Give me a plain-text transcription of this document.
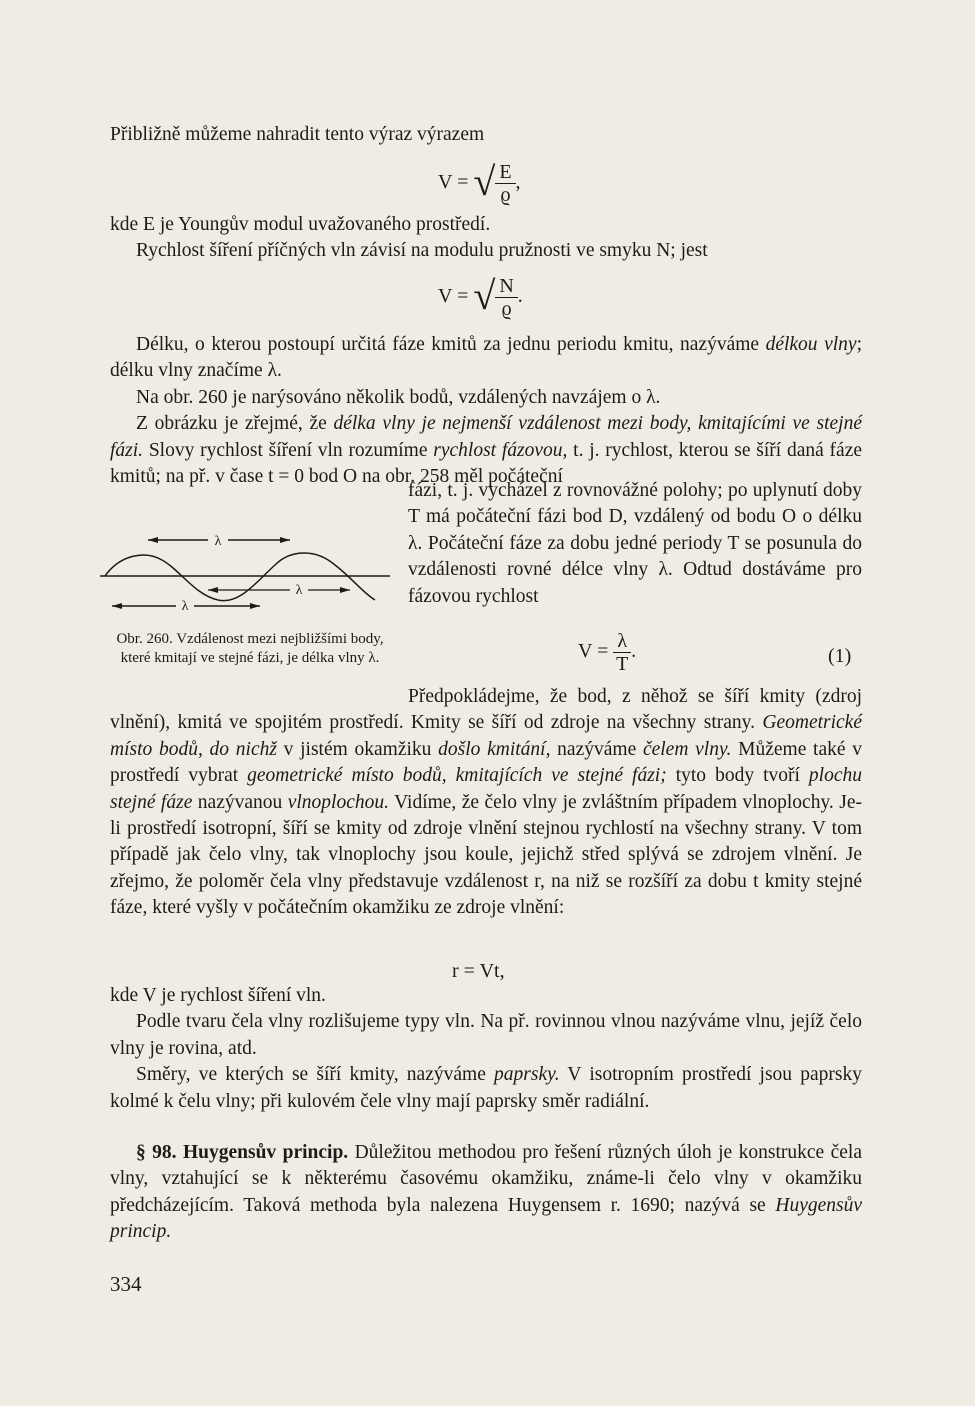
Přibližně můžeme nahradit tento výraz výrazem

V = √ $\frac{E}{ϱ}$ ,

kde E je Youngův modul uvažovaného prostředí.

Rychlost šíření příčných vln závisí na modulu pružnosti ve smyku N; jest

V = √ $\frac{N}{ϱ}$ .

Délku, o kterou postoupí určitá fáze kmitů za jednu periodu kmitu, nazýváme délkou vlny; délku vlny značíme λ.

Na obr. 260 je narýsováno několik bodů, vzdálených navzájem o λ.

Z obrázku je zřejmé, že délka vlny je nejmenší vzdálenost mezi body, kmitajícími ve stejné fázi. Slovy rychlost šíření vln rozumíme rychlost fázovou, t. j. rychlost, kterou se šíří daná fáze kmitů; na př. v čase t = 0 bod O na obr. 258 měl počáteční

λ
λ
λ
Obr. 260. Vzdálenost mezi nejbližšími body, které kmitají ve stejné fázi, je délka vlny λ.

fázi, t. j. vycházel z rovnovážné polohy; po uplynutí doby T má počáteční fázi bod D, vzdálený od bodu O o délku λ. Počáteční fáze za dobu jedné periody T se posunula do vzdálenosti rovné délce vlny λ. Odtud dostáváme pro fázovou rychlost

$V = \frac{\lambda}{T}$ .	(1)

Předpokládejme, že bod, z něhož se šíří kmity (zdroj vlnění), kmitá ve spojitém prostředí. Kmity se šíří od zdroje na všechny strany. Geometrické místo bodů, do nichž v jistém okamžiku došlo kmitání, nazýváme čelem vlny. Můžeme také v prostředí vybrat geometrické místo bodů, kmitajících ve stejné fázi; tyto body tvoří plochu stejné fáze nazývanou vlnoplochou. Vidíme, že čelo vlny je zvláštním případem vlnoplochy. Je-li prostředí isotropní, šíří se kmity od zdroje vlnění stejnou rychlostí na všechny strany. V tom případě jak čelo vlny, tak vlnoplochy jsou koule, jejichž střed splývá se zdrojem vlnění. Je zřejmo, že poloměr čela vlny představuje vzdálenost r, na niž se rozšíří za dobu t kmity stejné fáze, které vyšly v počátečním okamžiku ze zdroje vlnění:

r = Vt,

kde V je rychlost šíření vln.

Podle tvaru čela vlny rozlišujeme typy vln. Na př. rovinnou vlnou nazýváme vlnu, jejíž čelo vlny je rovina, atd.

Směry, ve kterých se šíří kmity, nazýváme paprsky. V isotropním prostředí jsou paprsky kolmé k čelu vlny; při kulovém čele vlny mají paprsky směr radiální.

§ 98. Huygensův princip. Důležitou methodou pro řešení různých úloh je konstrukce čela vlny, vztahující se k některému časovému okamžiku, známe-li čelo vlny v okamžiku předcházejícím. Taková methoda byla nalezena Huygensem r. 1690; nazývá se Huygensův princip.

334
